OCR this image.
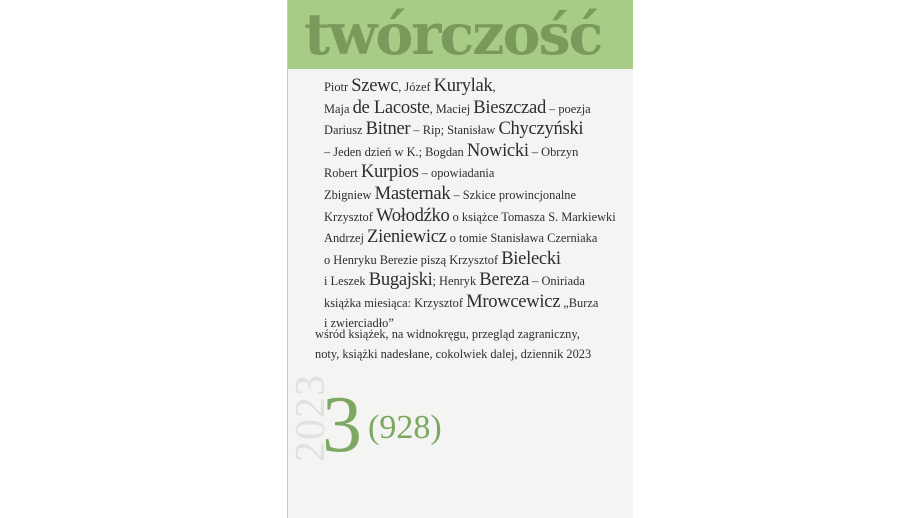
twórczość
Piotr Szewc, Józef Kurylak,
Maja de Lacoste, Maciej Bieszczad – poezja
Dariusz Bitner – Rip; Stanisław Chyczyński
– Jeden dzień w K.; Bogdan Nowicki – Obrzyn
Robert Kurpios – opowiadania
Zbigniew Masternak – Szkice prowincjonalne
Krzysztof Wołodźko o książce Tomasza S. Markiewki
Andrzej Zieniewicz o tomie Stanisława Czerniaka
o Henryku Berezie piszą Krzysztof Bielecki
i Leszek Bugajski; Henryk Bereza – Oniriada
książka miesiąca: Krzysztof Mrowcewicz „Burza
i zwierciadło”
wśród książek, na widnokręgu, przegląd zagraniczny,
noty, książki nadesłane, cokolwiek dalej, dziennik 2023
2023
3 (928)
